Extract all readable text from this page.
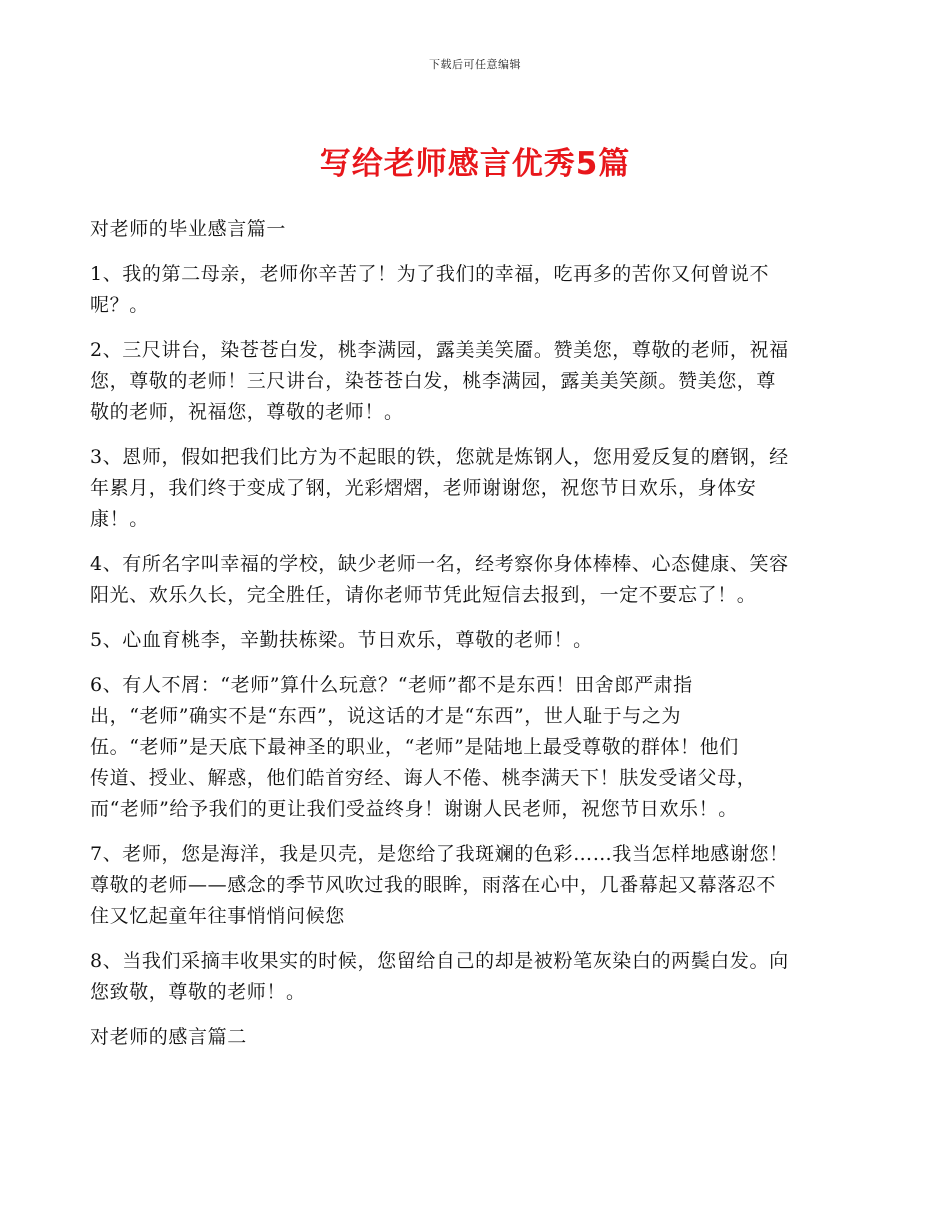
下载后可任意编辑
写给老师感言优秀5篇

对老师的毕业感言篇一

1、我的第二母亲，老师你辛苦了！为了我们的幸福，吃再多的苦你又何曾说不
呢？。

2、三尺讲台，染苍苍白发，桃李满园，露美美笑靥。赞美您，尊敬的老师，祝福
您，尊敬的老师！三尺讲台，染苍苍白发，桃李满园，露美美笑颜。赞美您，尊
敬的老师，祝福您，尊敬的老师！。

3、恩师，假如把我们比方为不起眼的铁，您就是炼钢人，您用爱反复的磨钢，经
年累月，我们终于变成了钢，光彩熠熠，老师谢谢您，祝您节日欢乐，身体安
康！。

4、有所名字叫幸福的学校，缺少老师一名，经考察你身体棒棒、心态健康、笑容
阳光、欢乐久长，完全胜任，请你老师节凭此短信去报到，一定不要忘了！。

5、心血育桃李，辛勤扶栋梁。节日欢乐，尊敬的老师！。

6、有人不屑：“老师”算什么玩意？“老师”都不是东西！田舍郎严肃指
出，“老师”确实不是“东西”，说这话的才是“东西”，世人耻于与之为
伍。“老师”是天底下最神圣的职业，“老师”是陆地上最受尊敬的群体！他们
传道、授业、解惑，他们皓首穷经、诲人不倦、桃李满天下！肤发受诸父母，
而“老师”给予我们的更让我们受益终身！谢谢人民老师，祝您节日欢乐！。

7、老师，您是海洋，我是贝壳，是您给了我斑斓的色彩……我当怎样地感谢您！
尊敬的老师——感念的季节风吹过我的眼眸，雨落在心中，几番幕起又幕落忍不
住又忆起童年往事悄悄问候您

8、当我们采摘丰收果实的时候，您留给自己的却是被粉笔灰染白的两鬓白发。向
您致敬，尊敬的老师！。

对老师的感言篇二
